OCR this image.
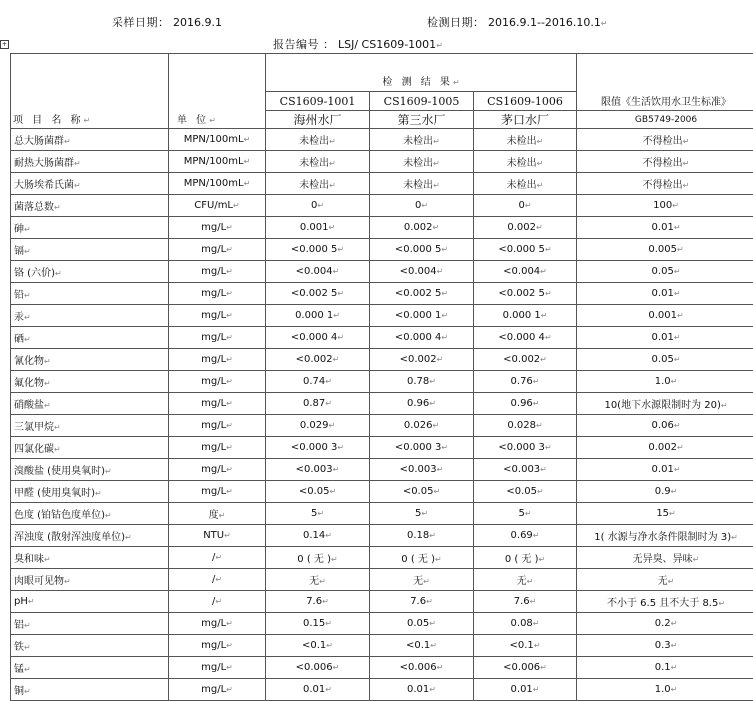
采样日期： 2016.9.1	检测日期： 2016.9.1--2016.10.1↵
报告编号 ： LSJ/ CS1609-1001↵
+
项 目 名 称↵	单 位↵	检 测 结 果↵			限值《生活饮用水卫生标准》
		CS1609-1001	CS1609-1005	CS1609-1006	
		海州水厂	第三水厂	茅口水厂	GB5749-2006
总大肠菌群↵	MPN/100mL↵	未检出↵	未检出↵	未检出↵	不得检出↵
耐热大肠菌群↵	MPN/100mL↵	未检出↵	未检出↵	未检出↵	不得检出↵
大肠埃希氏菌↵	MPN/100mL↵	未检出↵	未检出↵	未检出↵	不得检出↵
菌落总数↵	CFU/mL↵	0↵	0↵	0↵	100↵
砷↵	mg/L↵	0.001↵	0.002↵	0.002↵	0.01↵
镉↵	mg/L↵	<0.000 5↵	<0.000 5↵	<0.000 5↵	0.005↵
铬 (六价)↵	mg/L↵	<0.004↵	<0.004↵	<0.004↵	0.05↵
铅↵	mg/L↵	<0.002 5↵	<0.002 5↵	<0.002 5↵	0.01↵
汞↵	mg/L↵	0.000 1↵	<0.000 1↵	0.000 1↵	0.001↵
硒↵	mg/L↵	<0.000 4↵	<0.000 4↵	<0.000 4↵	0.01↵
氰化物↵	mg/L↵	<0.002↵	<0.002↵	<0.002↵	0.05↵
氟化物↵	mg/L↵	0.74↵	0.78↵	0.76↵	1.0↵
硝酸盐↵	mg/L↵	0.87↵	0.96↵	0.96↵	10(地下水源限制时为 20)↵
三氯甲烷↵	mg/L↵	0.029↵	0.026↵	0.028↵	0.06↵
四氯化碳↵	mg/L↵	<0.000 3↵	<0.000 3↵	<0.000 3↵	0.002↵
溴酸盐 (使用臭氧时)↵	mg/L↵	<0.003↵	<0.003↵	<0.003↵	0.01↵
甲醛 (使用臭氧时)↵	mg/L↵	<0.05↵	<0.05↵	<0.05↵	0.9↵
色度 (铂钴色度单位)↵	度↵	5↵	5↵	5↵	15↵
浑浊度 (散射浑浊度单位)↵	NTU↵	0.14↵	0.18↵	0.69↵	1( 水源与净水条件限制时为 3)↵
臭和味↵	/↵	0 ( 无 )↵	0 ( 无 )↵	0 ( 无 )↵	无异臭、异味↵
肉眼可见物↵	/↵	无↵	无↵	无↵	无↵
pH↵	/↵	7.6↵	7.6↵	7.6↵	不小于 6.5 且不大于 8.5↵
铝↵	mg/L↵	0.15↵	0.05↵	0.08↵	0.2↵
铁↵	mg/L↵	<0.1↵	<0.1↵	<0.1↵	0.3↵
锰↵	mg/L↵	<0.006↵	<0.006↵	<0.006↵	0.1↵
铜↵	mg/L↵	0.01↵	0.01↵	0.01↵	1.0↵
